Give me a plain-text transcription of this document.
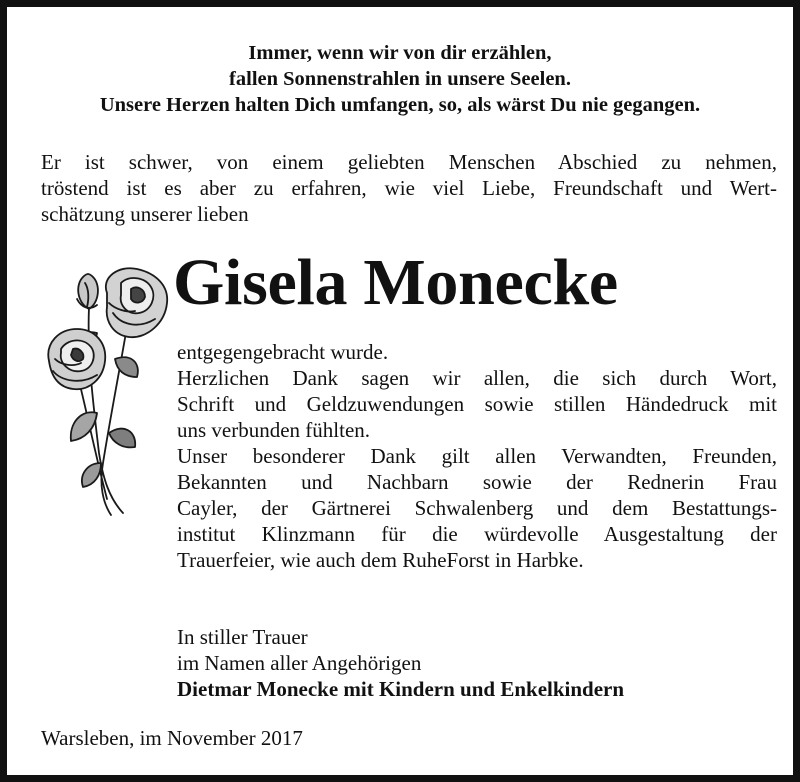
Immer, wenn wir von dir erzählen,
fallen Sonnenstrahlen in unsere Seelen.
Unsere Herzen halten Dich umfangen, so, als wärst Du nie gegangen.
Er ist schwer, von einem geliebten Menschen Abschied zu nehmen,
tröstend ist es aber zu erfahren, wie viel Liebe, Freundschaft und Wert-
schätzung unserer lieben
Gisela Monecke
entgegengebracht wurde.
Herzlichen Dank sagen wir allen, die sich durch Wort,
Schrift und Geldzuwendungen sowie stillen Händedruck mit
uns verbunden fühlten.
Unser besonderer Dank gilt allen Verwandten, Freunden,
Bekannten und Nachbarn sowie der Rednerin Frau
Cayler, der Gärtnerei Schwalenberg und dem Bestattungs-
institut Klinzmann für die würdevolle Ausgestaltung der
Trauerfeier, wie auch dem RuheForst in Harbke.
In stiller Trauer
im Namen aller Angehörigen
Dietmar Monecke mit Kindern und Enkelkindern
Warsleben, im November 2017
